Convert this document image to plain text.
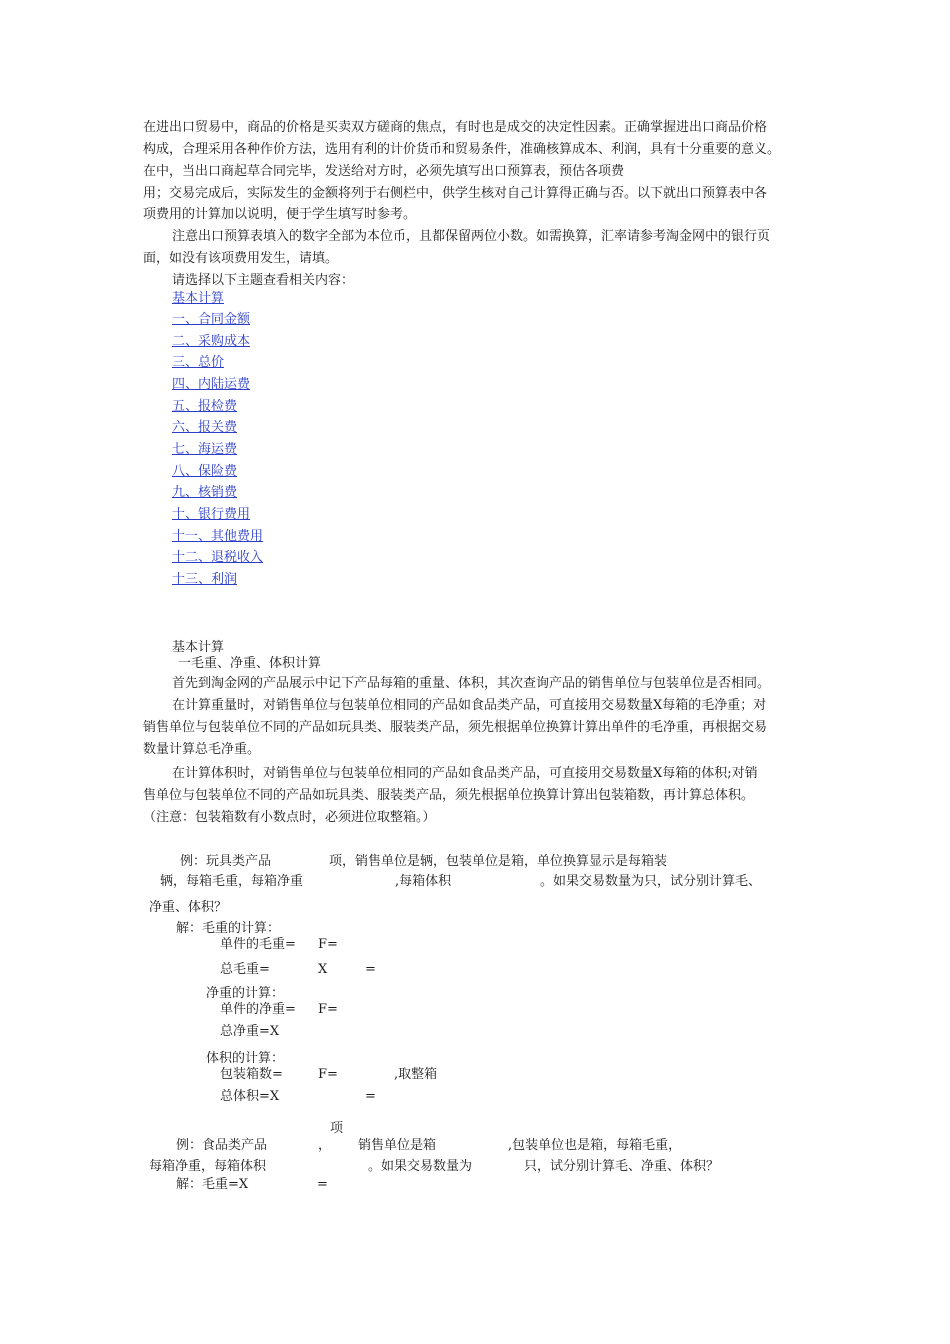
在进出口贸易中，商品的价格是买卖双方磋商的焦点，有时也是成交的决定性因素。正确掌握进出口商品价格
构成，合理采用各种作价方法，选用有利的计价货币和贸易条件，准确核算成本、利润，具有十分重要的意义。
在中，当出口商起草合同完毕，发送给对方时，必须先填写出口预算表，预估各项费
用；交易完成后，实际发生的金额将列于右侧栏中，供学生核对自己计算得正确与否。以下就出口预算表中各
项费用的计算加以说明，便于学生填写时参考。
注意出口预算表填入的数字全部为本位币，且都保留两位小数。如需换算，汇率请参考淘金网中的银行页
面，如没有该项费用发生，请填。
请选择以下主题查看相关内容：
基本计算
一、合同金额
二、采购成本
三、总价
四、内陆运费
五、报检费
六、报关费
七、海运费
八、保险费
九、核销费
十、银行费用
十一、其他费用
十二、退税收入
十三、利润
基本计算
一毛重、净重、体积计算
首先到淘金网的产品展示中记下产品每箱的重量、体积，其次查询产品的销售单位与包装单位是否相同。
在计算重量时，对销售单位与包装单位相同的产品如食品类产品，可直接用交易数量X每箱的毛净重；对
销售单位与包装单位不同的产品如玩具类、服装类产品，须先根据单位换算计算出单件的毛净重，再根据交易
数量计算总毛净重。
在计算体积时，对销售单位与包装单位相同的产品如食品类产品，可直接用交易数量X每箱的体积;对销
售单位与包装单位不同的产品如玩具类、服装类产品，须先根据单位换算计算出包装箱数，再计算总体积。
（注意：包装箱数有小数点时，必须进位取整箱。）
例：玩具类产品	项，销售单位是辆，包装单位是箱，单位换算显示是每箱装
辆，每箱毛重，每箱净重	,每箱体积	。如果交易数量为只，试分别计算毛、
净重、体积？
解：毛重的计算：
单件的毛重= F=
总毛重=	X	=
净重的计算：
单件的净重= F=
总净重=X
体积的计算：
包装箱数=	F=	,取整箱
总体积=X	=
项
例：食品类产品	， 销售单位是箱	,包装单位也是箱，每箱毛重，
每箱净重，每箱体积	。如果交易数量为	只，试分别计算毛、净重、体积？
解：毛重=X	=
